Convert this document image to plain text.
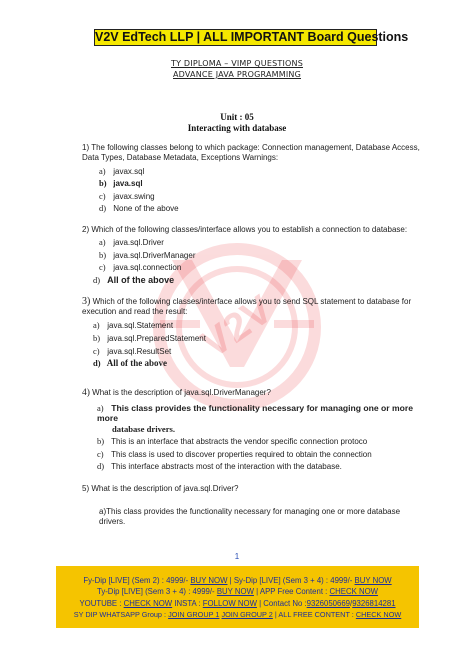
V2V
V2V EdTech LLP | ALL IMPORTANT Board Questions
TY DIPLOMA – VIMP QUESTIONS
ADVANCE JAVA PROGRAMMING
Unit : 05
Interacting with database
1) The following classes belong to which package: Connection management, Database Access, Data Types, Database Metadata, Exceptions Warnings:
a) javax.sql
b) java.sql
c) javax.swing
d) None of the above
2) Which of the following classes/interface allows you to establish a connection to database:
a) java.sql.Driver
b) java.sql.DriverManager
c) java.sql.connection
d) All of the above
3) Which of the following classes/interface allows you to send SQL statement to database for execution and read the result:
a) java.sql.Statement
b) java.sql.PreparedStatement
c) java.sql.ResultSet
d) All of the above
4) What is the description of java.sql.DriverManager?
a) This class provides the functionality necessary for managing one or more
more
database drivers.
b) This is an interface that abstracts the vendor specific connection protoco
c) This class is used to discover properties required to obtain the connection
d) This interface abstracts most of the interaction with the database.
5) What is the description of java.sql.Driver?
a)This class provides the functionality necessary for managing one or more database drivers.
1
Fy-Dip [LIVE] (Sem 2) : 4999/- BUY NOW | Sy-Dip [LIVE] (Sem 3 + 4) : 4999/- BUY NOW
Ty-Dip [LIVE] (Sem 3 + 4) : 4999/- BUY NOW | APP Free Content : CHECK NOW
YOUTUBE : CHECK NOW INSTA : FOLLOW NOW | Contact No :9326050669/9326814281
SY DIP WHATSAPP Group : JOIN GROUP 1 JOIN GROUP 2 | ALL FREE CONTENT : CHECK NOW
